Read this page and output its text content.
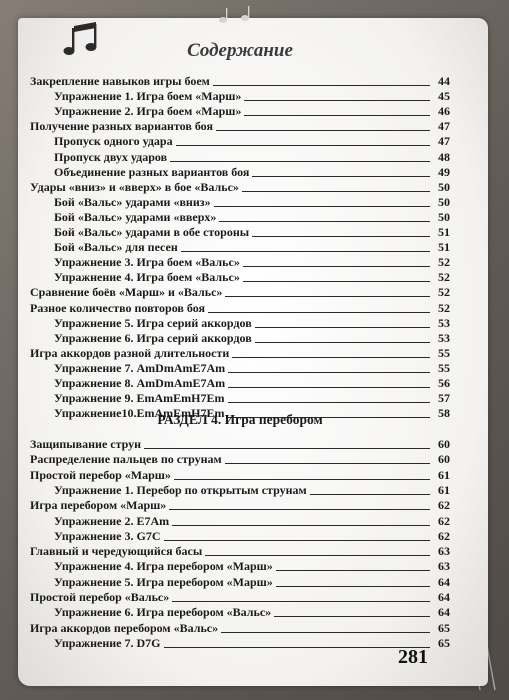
Содержание
Закрепление навыков игры боем	44
Упражнение 1. Игра боем «Марш»	45
Упражнение 2. Игра боем «Марш»	46
Получение разных вариантов боя	47
Пропуск одного удара	47
Пропуск двух ударов	48
Объединение разных вариантов боя	49
Удары «вниз» и «вверх» в бое «Вальс»	50
Бой «Вальс» ударами «вниз»	50
Бой «Вальс» ударами «вверх»	50
Бой «Вальс» ударами в обе стороны	51
Бой «Вальс» для песен	51
Упражнение 3. Игра боем «Вальс»	52
Упражнение 4. Игра боем «Вальс»	52
Сравнение боёв «Марш» и «Вальс»	52
Разное количество повторов боя	52
Упражнение 5. Игра серий аккордов	53
Упражнение 6. Игра серий аккордов	53
Игра аккордов разной длительности	55
Упражнение 7. AmDmAmE7Am	55
Упражнение 8. AmDmAmE7Am	56
Упражнение 9. EmAmEmH7Em	57
Упражнение10.EmAmEmH7Em	58
РАЗДЕЛ 4. Игра перебором
Защипывание струн	60
Распределение пальцев по струнам	60
Простой перебор «Марш»	61
Упражнение 1. Перебор по открытым струнам	61
Игра перебором «Марш»	62
Упражнение 2. E7Am	62
Упражнение 3. G7C	62
Главный и чередующийся басы	63
Упражнение 4. Игра перебором «Марш»	63
Упражнение 5. Игра перебором «Марш»	64
Простой перебор «Вальс»	64
Упражнение 6. Игра перебором «Вальс»	64
Игра аккордов перебором «Вальс»	65
Упражнение 7. D7G	65
281
